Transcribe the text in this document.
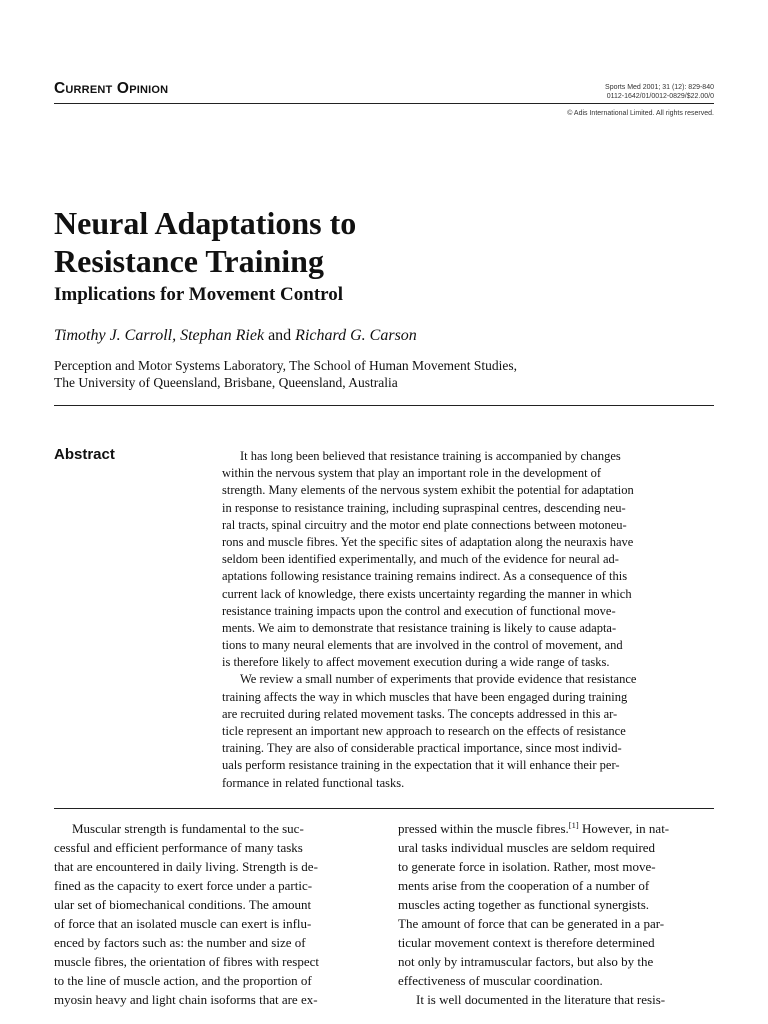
Current Opinion	Sports Med 2001; 31 (12): 829-840
0112-1642/01/0012-0829/$22.00/0
© Adis International Limited. All rights reserved.
Neural Adaptations to
Resistance Training
Implications for Movement Control
Timothy J. Carroll, Stephan Riek and Richard G. Carson
Perception and Motor Systems Laboratory, The School of Human Movement Studies,
The University of Queensland, Brisbane, Queensland, Australia
Abstract	It has long been believed that resistance training is accompanied by changes
within the nervous system that play an important role in the development of
strength. Many elements of the nervous system exhibit the potential for adaptation
in response to resistance training, including supraspinal centres, descending neu-
ral tracts, spinal circuitry and the motor end plate connections between motoneu-
rons and muscle fibres. Yet the specific sites of adaptation along the neuraxis have
seldom been identified experimentally, and much of the evidence for neural ad-
aptations following resistance training remains indirect. As a consequence of this
current lack of knowledge, there exists uncertainty regarding the manner in which
resistance training impacts upon the control and execution of functional move-
ments. We aim to demonstrate that resistance training is likely to cause adapta-
tions to many neural elements that are involved in the control of movement, and
is therefore likely to affect movement execution during a wide range of tasks.
We review a small number of experiments that provide evidence that resistance
training affects the way in which muscles that have been engaged during training
are recruited during related movement tasks. The concepts addressed in this ar-
ticle represent an important new approach to research on the effects of resistance
training. They are also of considerable practical importance, since most individ-
uals perform resistance training in the expectation that it will enhance their per-
formance in related functional tasks.
Muscular strength is fundamental to the suc-
cessful and efficient performance of many tasks
that are encountered in daily living. Strength is de-
fined as the capacity to exert force under a partic-
ular set of biomechanical conditions. The amount
of force that an isolated muscle can exert is influ-
enced by factors such as: the number and size of
muscle fibres, the orientation of fibres with respect
to the line of muscle action, and the proportion of
myosin heavy and light chain isoforms that are ex-
pressed within the muscle fibres.[1] However, in nat-
ural tasks individual muscles are seldom required
to generate force in isolation. Rather, most move-
ments arise from the cooperation of a number of
muscles acting together as functional synergists.
The amount of force that can be generated in a par-
ticular movement context is therefore determined
not only by intramuscular factors, but also by the
effectiveness of muscular coordination.
It is well documented in the literature that resis-
